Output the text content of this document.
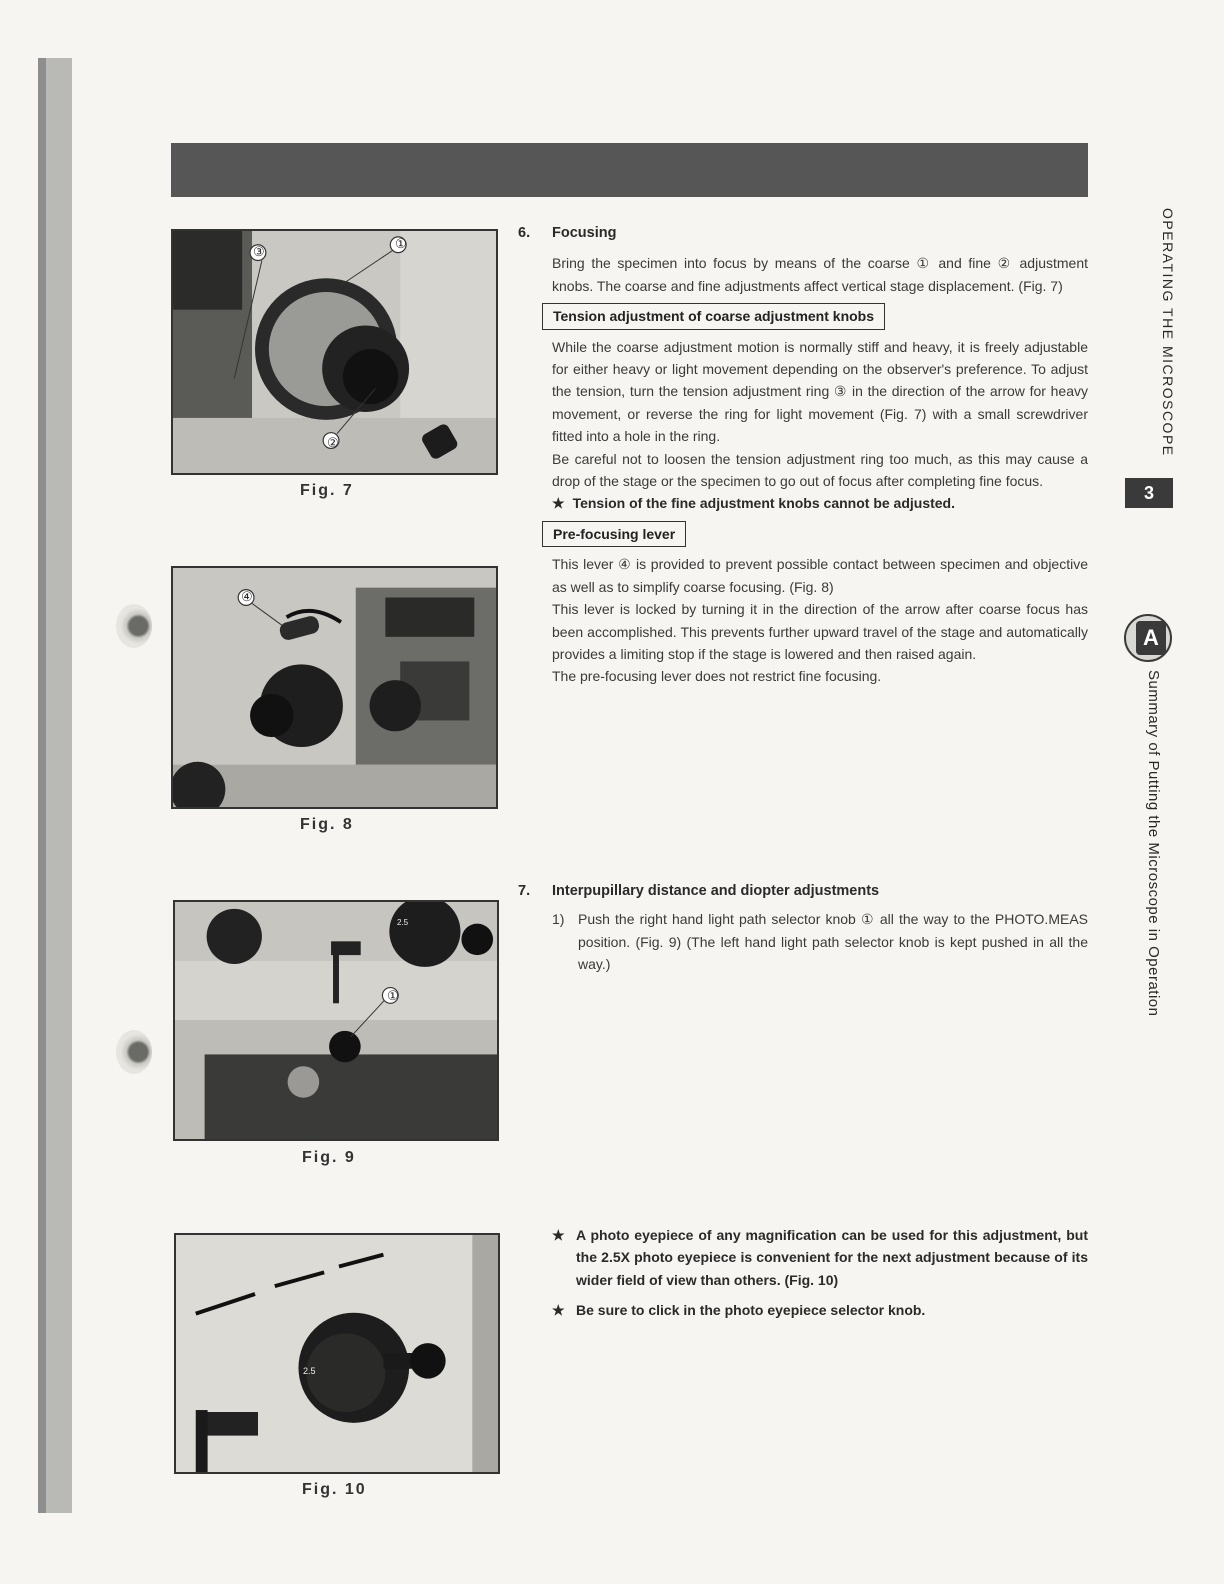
①
③
②
Fig. 7
④
Fig. 8
①
2.5
Fig. 9
2.5
Fig. 10
6. Focusing

Bring the specimen into focus by means of the coarse ① and fine ② adjustment knobs. The coarse and fine adjustments affect vertical stage displacement. (Fig. 7)

Tension adjustment of coarse adjustment knobs

While the coarse adjustment motion is normally stiff and heavy, it is freely adjustable for either heavy or light movement depending on the observer's preference. To adjust the tension, turn the tension adjustment ring ③ in the direction of the arrow for heavy movement, or reverse the ring for light movement (Fig. 7) with a small screwdriver fitted into a hole in the ring.

Be careful not to loosen the tension adjustment ring too much, as this may cause a drop of the stage or the specimen to go out of focus after completing fine focus.

★ Tension of the fine adjustment knobs cannot be adjusted.

Pre-focusing lever

This lever ④ is provided to prevent possible contact between specimen and objective as well as to simplify coarse focusing. (Fig. 8)

This lever is locked by turning it in the direction of the arrow after coarse focus has been accomplished. This prevents further upward travel of the stage and automatically provides a limiting stop if the stage is lowered and then raised again.

The pre-focusing lever does not restrict fine focusing.

7. Interpupillary distance and diopter adjustments

1) Push the right hand light path selector knob ① all the way to the PHOTO.MEAS position. (Fig. 9) (The left hand light path selector knob is kept pushed in all the way.)

★ A photo eyepiece of any magnification can be used for this adjustment, but the 2.5X photo eyepiece is convenient for the next adjustment because of its wider field of view than others. (Fig. 10)

★ Be sure to click in the photo eyepiece selector knob.

OPERATING THE MICROSCOPE
3
A
Summary of Putting the Microscope in Operation
